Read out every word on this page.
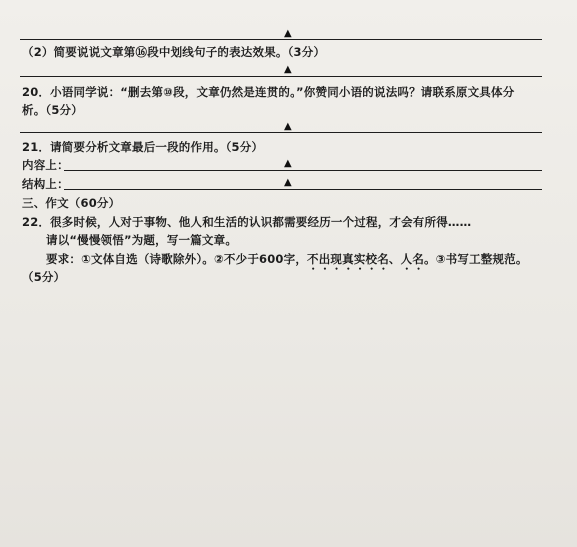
▲
（2）简要说说文章第⑯段中划线句子的表达效果。（3分）
▲
20．小语同学说：“删去第⑩段，文章仍然是连贯的。”你赞同小语的说法吗？请联系原文具体分
析。（5分）
▲
21．请简要分析文章最后一段的作用。（5分）
内容上：	▲
结构上：	▲
三、作文（60分）
22．很多时候，人对于事物、他人和生活的认识都需要经历一个过程，才会有所得……
请以“慢慢领悟”为题，写一篇文章。
要求：①文体自选（诗歌除外）。②不少于600字，不出现真实校名、人名。③书写工整规范。
（5分）
